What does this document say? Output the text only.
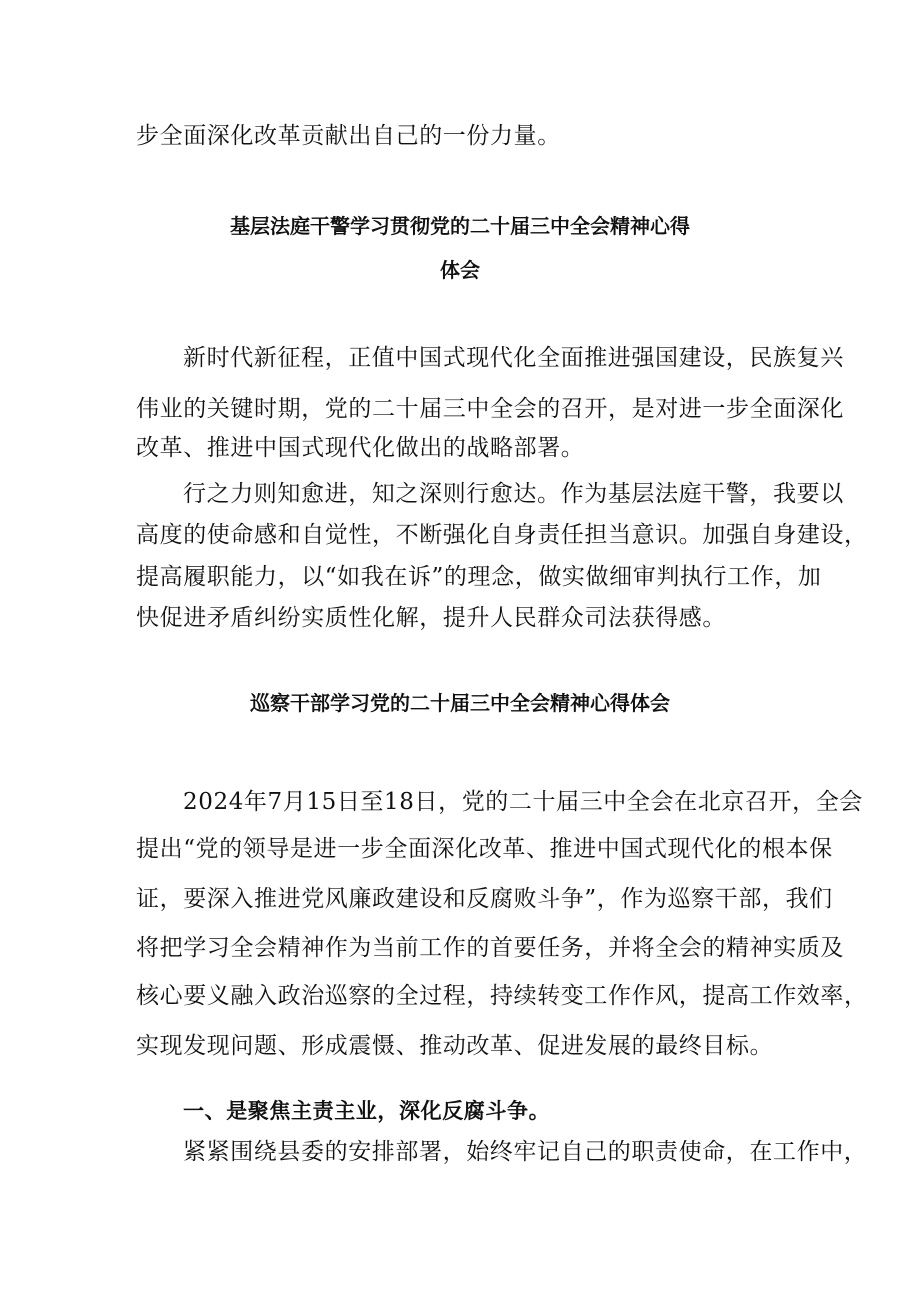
步全面深化改革贡献出自己的一份力量。
基层法庭干警学习贯彻党的二十届三中全会精神心得
体会
新时代新征程，正值中国式现代化全面推进强国建设，民族复兴
伟业的关键时期，党的二十届三中全会的召开，是对进一步全面深化
改革、推进中国式现代化做出的战略部署。
行之力则知愈进，知之深则行愈达。作为基层法庭干警，我要以
高度的使命感和自觉性，不断强化自身责任担当意识。加强自身建设，
提高履职能力，以“如我在诉”的理念，做实做细审判执行工作，加
快促进矛盾纠纷实质性化解，提升人民群众司法获得感。
巡察干部学习党的二十届三中全会精神心得体会
2024年7月15日至18日，党的二十届三中全会在北京召开，全会
提出“党的领导是进一步全面深化改革、推进中国式现代化的根本保
证，要深入推进党风廉政建设和反腐败斗争”，作为巡察干部，我们
将把学习全会精神作为当前工作的首要任务，并将全会的精神实质及
核心要义融入政治巡察的全过程，持续转变工作作风，提高工作效率，
实现发现问题、形成震慑、推动改革、促进发展的最终目标。
一、是聚焦主责主业，深化反腐斗争。
紧紧围绕县委的安排部署，始终牢记自己的职责使命，在工作中，
